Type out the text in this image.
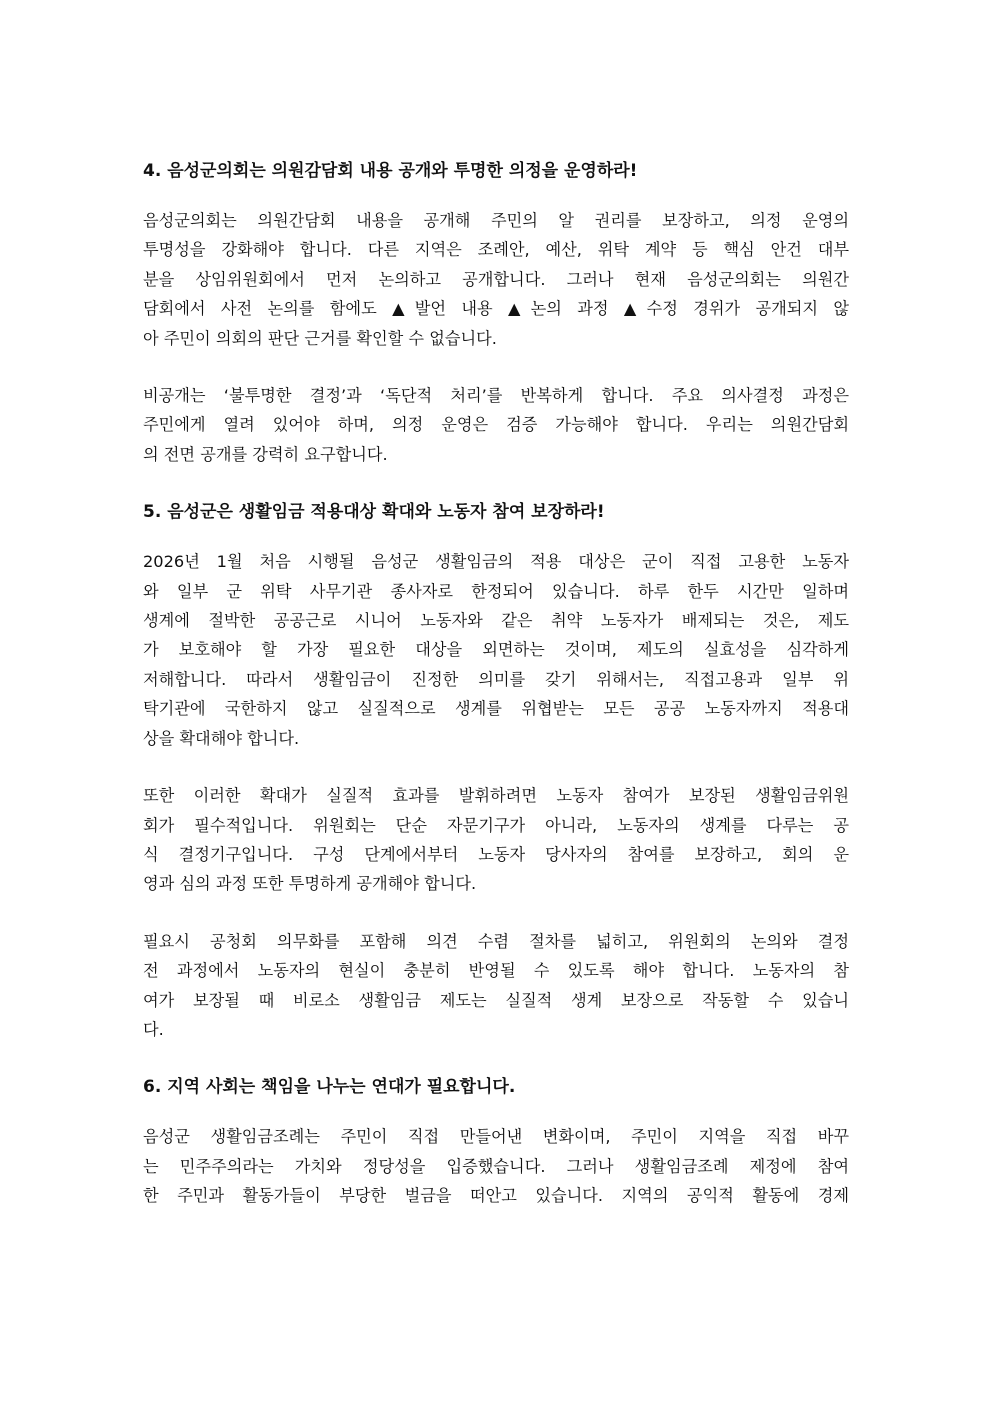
4. 음성군의회는 의원감담회 내용 공개와 투명한 의정을 운영하라!
음성군의회는 의원간담회 내용을 공개해 주민의 알 권리를 보장하고, 의정 운영의
투명성을 강화해야 합니다. 다른 지역은 조례안, 예산, 위탁 계약 등 핵심 안건 대부
분을 상임위원회에서 먼저 논의하고 공개합니다. 그러나 현재 음성군의회는 의원간
담회에서 사전 논의를 함에도 ▲발언 내용 ▲논의 과정 ▲수정 경위가 공개되지 않
아 주민이 의회의 판단 근거를 확인할 수 없습니다.
비공개는 ‘불투명한 결정’과 ‘독단적 처리’를 반복하게 합니다. 주요 의사결정 과정은
주민에게 열려 있어야 하며, 의정 운영은 검증 가능해야 합니다. 우리는 의원간담회
의 전면 공개를 강력히 요구합니다.
5. 음성군은 생활임금 적용대상 확대와 노동자 참여 보장하라!
2026년 1월 처음 시행될 음성군 생활임금의 적용 대상은 군이 직접 고용한 노동자
와 일부 군 위탁 사무기관 종사자로 한정되어 있습니다. 하루 한두 시간만 일하며
생계에 절박한 공공근로 시니어 노동자와 같은 취약 노동자가 배제되는 것은, 제도
가 보호해야 할 가장 필요한 대상을 외면하는 것이며, 제도의 실효성을 심각하게
저해합니다. 따라서 생활임금이 진정한 의미를 갖기 위해서는, 직접고용과 일부 위
탁기관에 국한하지 않고 실질적으로 생계를 위협받는 모든 공공 노동자까지 적용대
상을 확대해야 합니다.
또한 이러한 확대가 실질적 효과를 발휘하려면 노동자 참여가 보장된 생활임금위원
회가 필수적입니다. 위원회는 단순 자문기구가 아니라, 노동자의 생계를 다루는 공
식 결정기구입니다. 구성 단계에서부터 노동자 당사자의 참여를 보장하고, 회의 운
영과 심의 과정 또한 투명하게 공개해야 합니다.
필요시 공청회 의무화를 포함해 의견 수렴 절차를 넓히고, 위원회의 논의와 결정
전 과정에서 노동자의 현실이 충분히 반영될 수 있도록 해야 합니다. 노동자의 참
여가 보장될 때 비로소 생활임금 제도는 실질적 생계 보장으로 작동할 수 있습니
다.
6. 지역 사회는 책임을 나누는 연대가 필요합니다.
음성군 생활임금조례는 주민이 직접 만들어낸 변화이며, 주민이 지역을 직접 바꾸
는 민주주의라는 가치와 정당성을 입증했습니다. 그러나 생활임금조례 제정에 참여
한 주민과 활동가들이 부당한 벌금을 떠안고 있습니다. 지역의 공익적 활동에 경제
